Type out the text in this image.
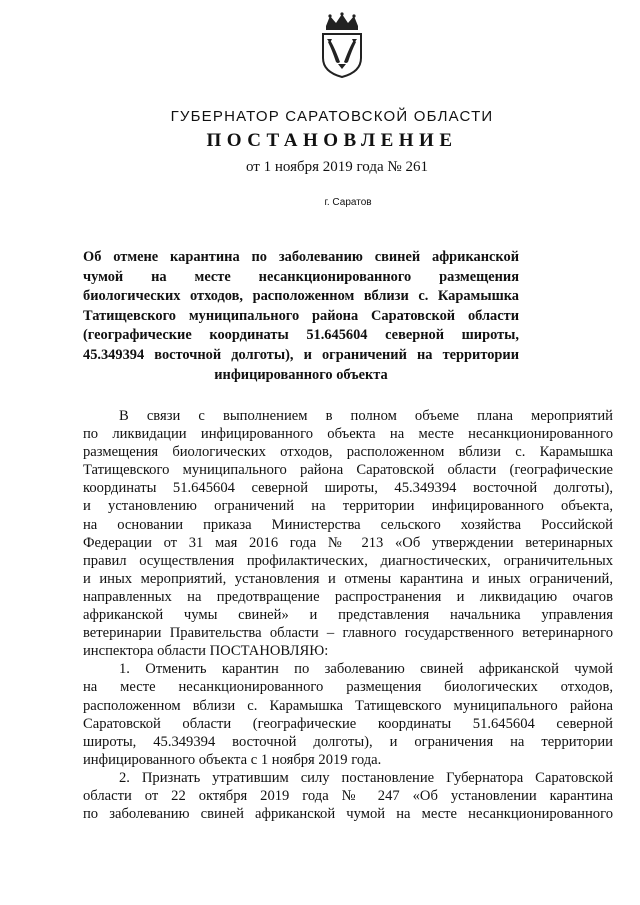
ГУБЕРНАТОР САРАТОВСКОЙ ОБЛАСТИ
ПОСТАНОВЛЕНИЕ
от 1 ноября 2019 года № 261
г. Саратов

Об отмене карантина по заболеванию свиней африканской
чумой на месте несанкционированного размещения
биологических отходов, расположенном вблизи с. Карамышка
Татищевского муниципального района Саратовской области
(географические координаты 51.645604 северной широты,
45.349394 восточной долготы), и ограничений на территории
инфицированного объекта

В связи с выполнением в полном объеме плана мероприятий
по ликвидации инфицированного объекта на месте несанкционированного
размещения биологических отходов, расположенном вблизи с. Карамышка
Татищевского муниципального района Саратовской области (географические
координаты 51.645604 северной широты, 45.349394 восточной долготы),
и установлению ограничений на территории инфицированного объекта,
на основании приказа Министерства сельского хозяйства Российской
Федерации от 31 мая 2016 года № 213 «Об утверждении ветеринарных
правил осуществления профилактических, диагностических, ограничительных
и иных мероприятий, установления и отмены карантина и иных ограничений,
направленных на предотвращение распространения и ликвидацию очагов
африканской чумы свиней» и представления начальника управления
ветеринарии Правительства области – главного государственного ветеринарного
инспектора области ПОСТАНОВЛЯЮ:
1. Отменить карантин по заболеванию свиней африканской чумой
на месте несанкционированного размещения биологических отходов,
расположенном вблизи с. Карамышка Татищевского муниципального района
Саратовской области (географические координаты 51.645604 северной
широты, 45.349394 восточной долготы), и ограничения на территории
инфицированного объекта с 1 ноября 2019 года.
2. Признать утратившим силу постановление Губернатора Саратовской
области от 22 октября 2019 года № 247 «Об установлении карантина
по заболеванию свиней африканской чумой на месте несанкционированного
